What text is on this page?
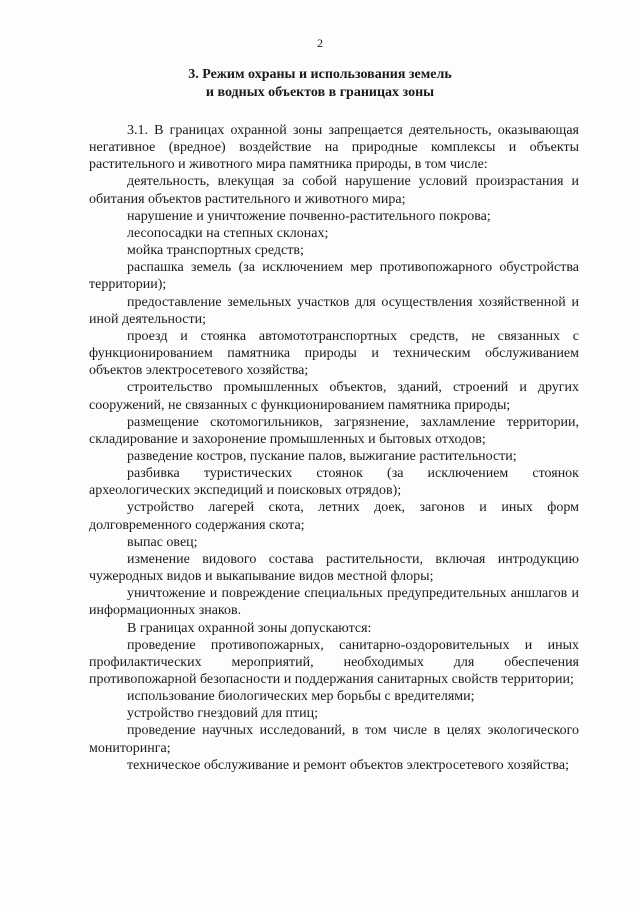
2
3. Режим охраны и использования земель
и водных объектов в границах зоны

3.1. В границах охранной зоны запрещается деятельность, оказывающая негативное (вредное) воздействие на природные комплексы и объекты растительного и животного мира памятника природы, в том числе:

деятельность, влекущая за собой нарушение условий произрастания и обитания объектов растительного и животного мира;

нарушение и уничтожение почвенно-растительного покрова;

лесопосадки на степных склонах;

мойка транспортных средств;

распашка земель (за исключением мер противопожарного обустройства территории);

предоставление земельных участков для осуществления хозяйственной и иной деятельности;

проезд и стоянка автомототранспортных средств, не связанных с функционированием памятника природы и техническим обслуживанием объектов электросетевого хозяйства;

строительство промышленных объектов, зданий, строений и других сооружений, не связанных с функционированием памятника природы;

размещение скотомогильников, загрязнение, захламление территории, складирование и захоронение промышленных и бытовых отходов;

разведение костров, пускание палов, выжигание растительности;

разбивка туристических стоянок (за исключением стоянок археологических экспедиций и поисковых отрядов);

устройство лагерей скота, летних доек, загонов и иных форм долговременного содержания скота;

выпас овец;

изменение видового состава растительности, включая интродукцию чужеродных видов и выкапывание видов местной флоры;

уничтожение и повреждение специальных предупредительных аншлагов и информационных знаков.

В границах охранной зоны допускаются:

проведение противопожарных, санитарно-оздоровительных и иных профилактических мероприятий, необходимых для обеспечения противопожарной безопасности и поддержания санитарных свойств территории;

использование биологических мер борьбы с вредителями;

устройство гнездовий для птиц;

проведение научных исследований, в том числе в целях экологического мониторинга;

техническое обслуживание и ремонт объектов электросетевого хозяйства;
